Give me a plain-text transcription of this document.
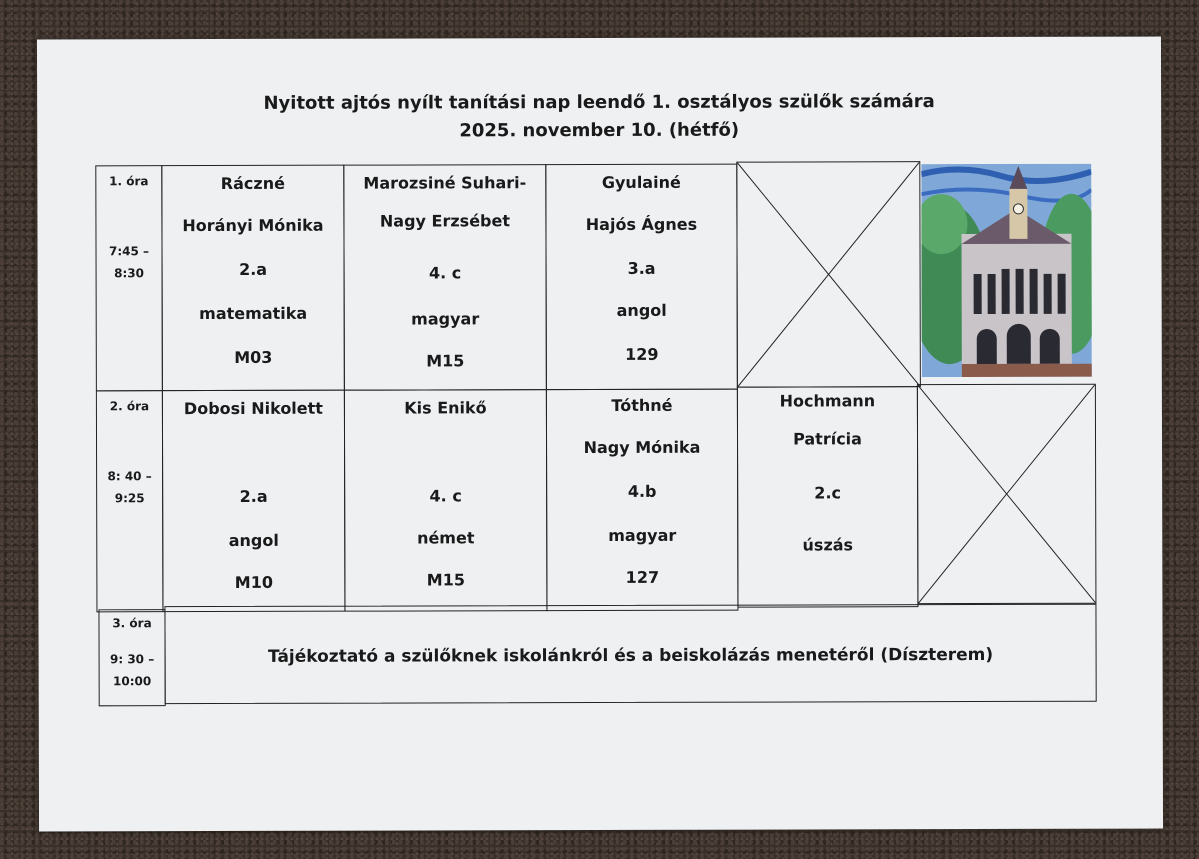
Nyitott ajtós nyílt tanítási nap leendő 1. osztályos szülők számára
2025. november 10. (hétfő)
1. óra
7:45 –
8:30
Ráczné
Horányi Mónika
2.a
matematika
M03
Marozsiné Suhari-
Nagy Erzsébet
4. c
magyar
M15
Gyulainé
Hajós Ágnes
3.a
angol
129
2. óra
8: 40 –
9:25
Dobosi Nikolett
2.a
angol
M10
Kis Enikő
4. c
német
M15
Tóthné
Nagy Mónika
4.b
magyar
127
Hochmann
Patrícia
2.c
úszás
3. óra
9: 30 –
10:00
Tájékoztató a szülőknek iskolánkról és a beiskolázás menetéről (Díszterem)
